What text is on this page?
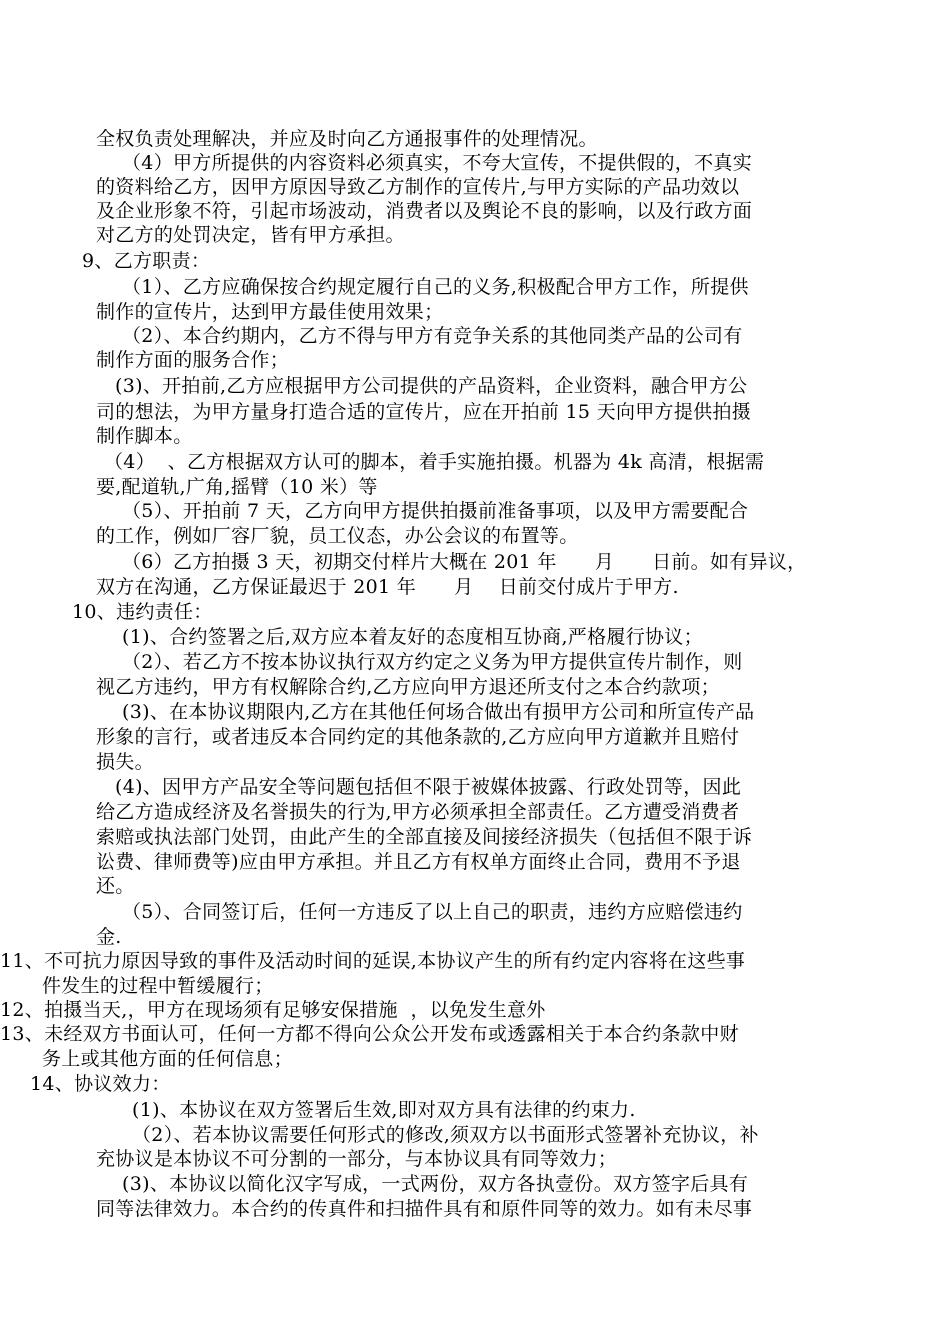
全权负责处理解决，并应及时向乙方通报事件的处理情况。
（4）甲方所提供的内容资料必须真实，不夸大宣传，不提供假的，不真实
的资料给乙方，因甲方原因导致乙方制作的宣传片,与甲方实际的产品功效以
及企业形象不符，引起市场波动，消费者以及舆论不良的影响，以及行政方面
对乙方的处罚决定，皆有甲方承担。
9、乙方职责：
（1）、乙方应确保按合约规定履行自己的义务,积极配合甲方工作，所提供
制作的宣传片，达到甲方最佳使用效果；
（2）、本合约期内，乙方不得与甲方有竞争关系的其他同类产品的公司有
制作方面的服务合作；
(3)、开拍前,乙方应根据甲方公司提供的产品资料，企业资料，融合甲方公
司的想法，为甲方量身打造合适的宣传片，应在开拍前 15 天向甲方提供拍摄
制作脚本。
（4）  、乙方根据双方认可的脚本，着手实施拍摄。机器为 4k 高清，根据需
要,配道轨,广角,摇臂（10 米）等
（5）、开拍前 7 天，乙方向甲方提供拍摄前准备事项，以及甲方需要配合
的工作，例如厂容厂貌，员工仪态，办公会议的布置等。
（6）乙方拍摄 3 天，初期交付样片大概在 201 年      月      日前。如有异议，
双方在沟通，乙方保证最迟于 201 年      月    日前交付成片于甲方.
10、违约责任：
(1)、合约签署之后,双方应本着友好的态度相互协商,严格履行协议；
（2）、若乙方不按本协议执行双方约定之义务为甲方提供宣传片制作，则
视乙方违约，甲方有权解除合约,乙方应向甲方退还所支付之本合约款项；
(3)、在本协议期限内,乙方在其他任何场合做出有损甲方公司和所宣传产品
形象的言行，或者违反本合同约定的其他条款的,乙方应向甲方道歉并且赔付
损失。
(4)、因甲方产品安全等问题包括但不限于被媒体披露、行政处罚等，因此
给乙方造成经济及名誉损失的行为,甲方必须承担全部责任。乙方遭受消费者
索赔或执法部门处罚，由此产生的全部直接及间接经济损失（包括但不限于诉
讼费、律师费等)应由甲方承担。并且乙方有权单方面终止合同，费用不予退
还。
（5）、合同签订后，任何一方违反了以上自己的职责，违约方应赔偿违约
金.
11、不可抗力原因导致的事件及活动时间的延误,本协议产生的所有约定内容将在这些事
件发生的过程中暂缓履行；
12、拍摄当天,，甲方在现场须有足够安保措施  ，以免发生意外
13、未经双方书面认可，任何一方都不得向公众公开发布或透露相关于本合约条款中财
务上或其他方面的任何信息；
14、协议效力：
(1)、本协议在双方签署后生效,即对双方具有法律的约束力.
（2）、若本协议需要任何形式的修改,须双方以书面形式签署补充协议，补
充协议是本协议不可分割的一部分，与本协议具有同等效力；
(3)、本协议以简化汉字写成，一式两份，双方各执壹份。双方签字后具有
同等法律效力。本合约的传真件和扫描件具有和原件同等的效力。如有未尽事
